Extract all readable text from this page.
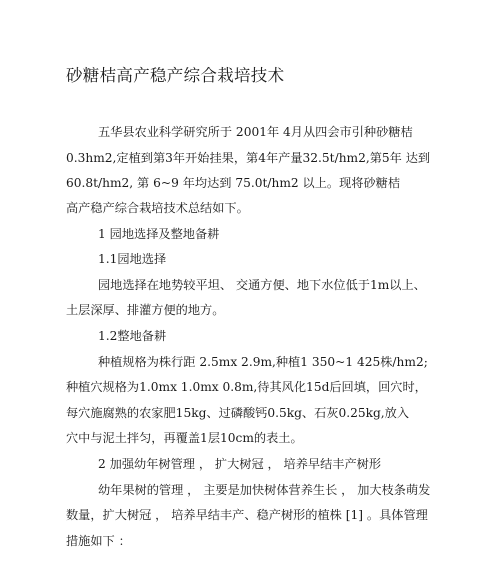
砂糖桔高产稳产综合栽培技术
五华县农业科学研究所于 2001年 4月从四会市引种砂糖桔
0.3hm2,定植到第3年开始挂果，第4年产量32.5t/hm2,第5年 达到
60.8t/hm2, 第 6~9 年均达到 75.0t/hm2 以上。现将砂糖桔
高产稳产综合栽培技术总结如下。
1 园地选择及整地备耕
1.1园地选择
园地选择在地势较平坦、 交通方便、地下水位低于1m以上、
土层深厚、排灌方便的地方。
1.2整地备耕
种植规格为株行距 2.5mx 2.9m,种植1 350~1 425株/hm2;
种植穴规格为1.0mx 1.0mx 0.8m,待其风化15d后回填，回穴时，
每穴施腐熟的农家肥15kg、过磷酸钙0.5kg、石灰0.25kg,放入
穴中与泥土拌匀，再覆盖1层10cm的表土。
2 加强幼年树管理 ， 扩大树冠 ， 培养早结丰产树形
幼年果树的管理 ， 主要是加快树体营养生长 ， 加大枝条萌发
数量，扩大树冠 ， 培养早结丰产、稳产树形的植株 [1] 。具体管理
措施如下 ：
